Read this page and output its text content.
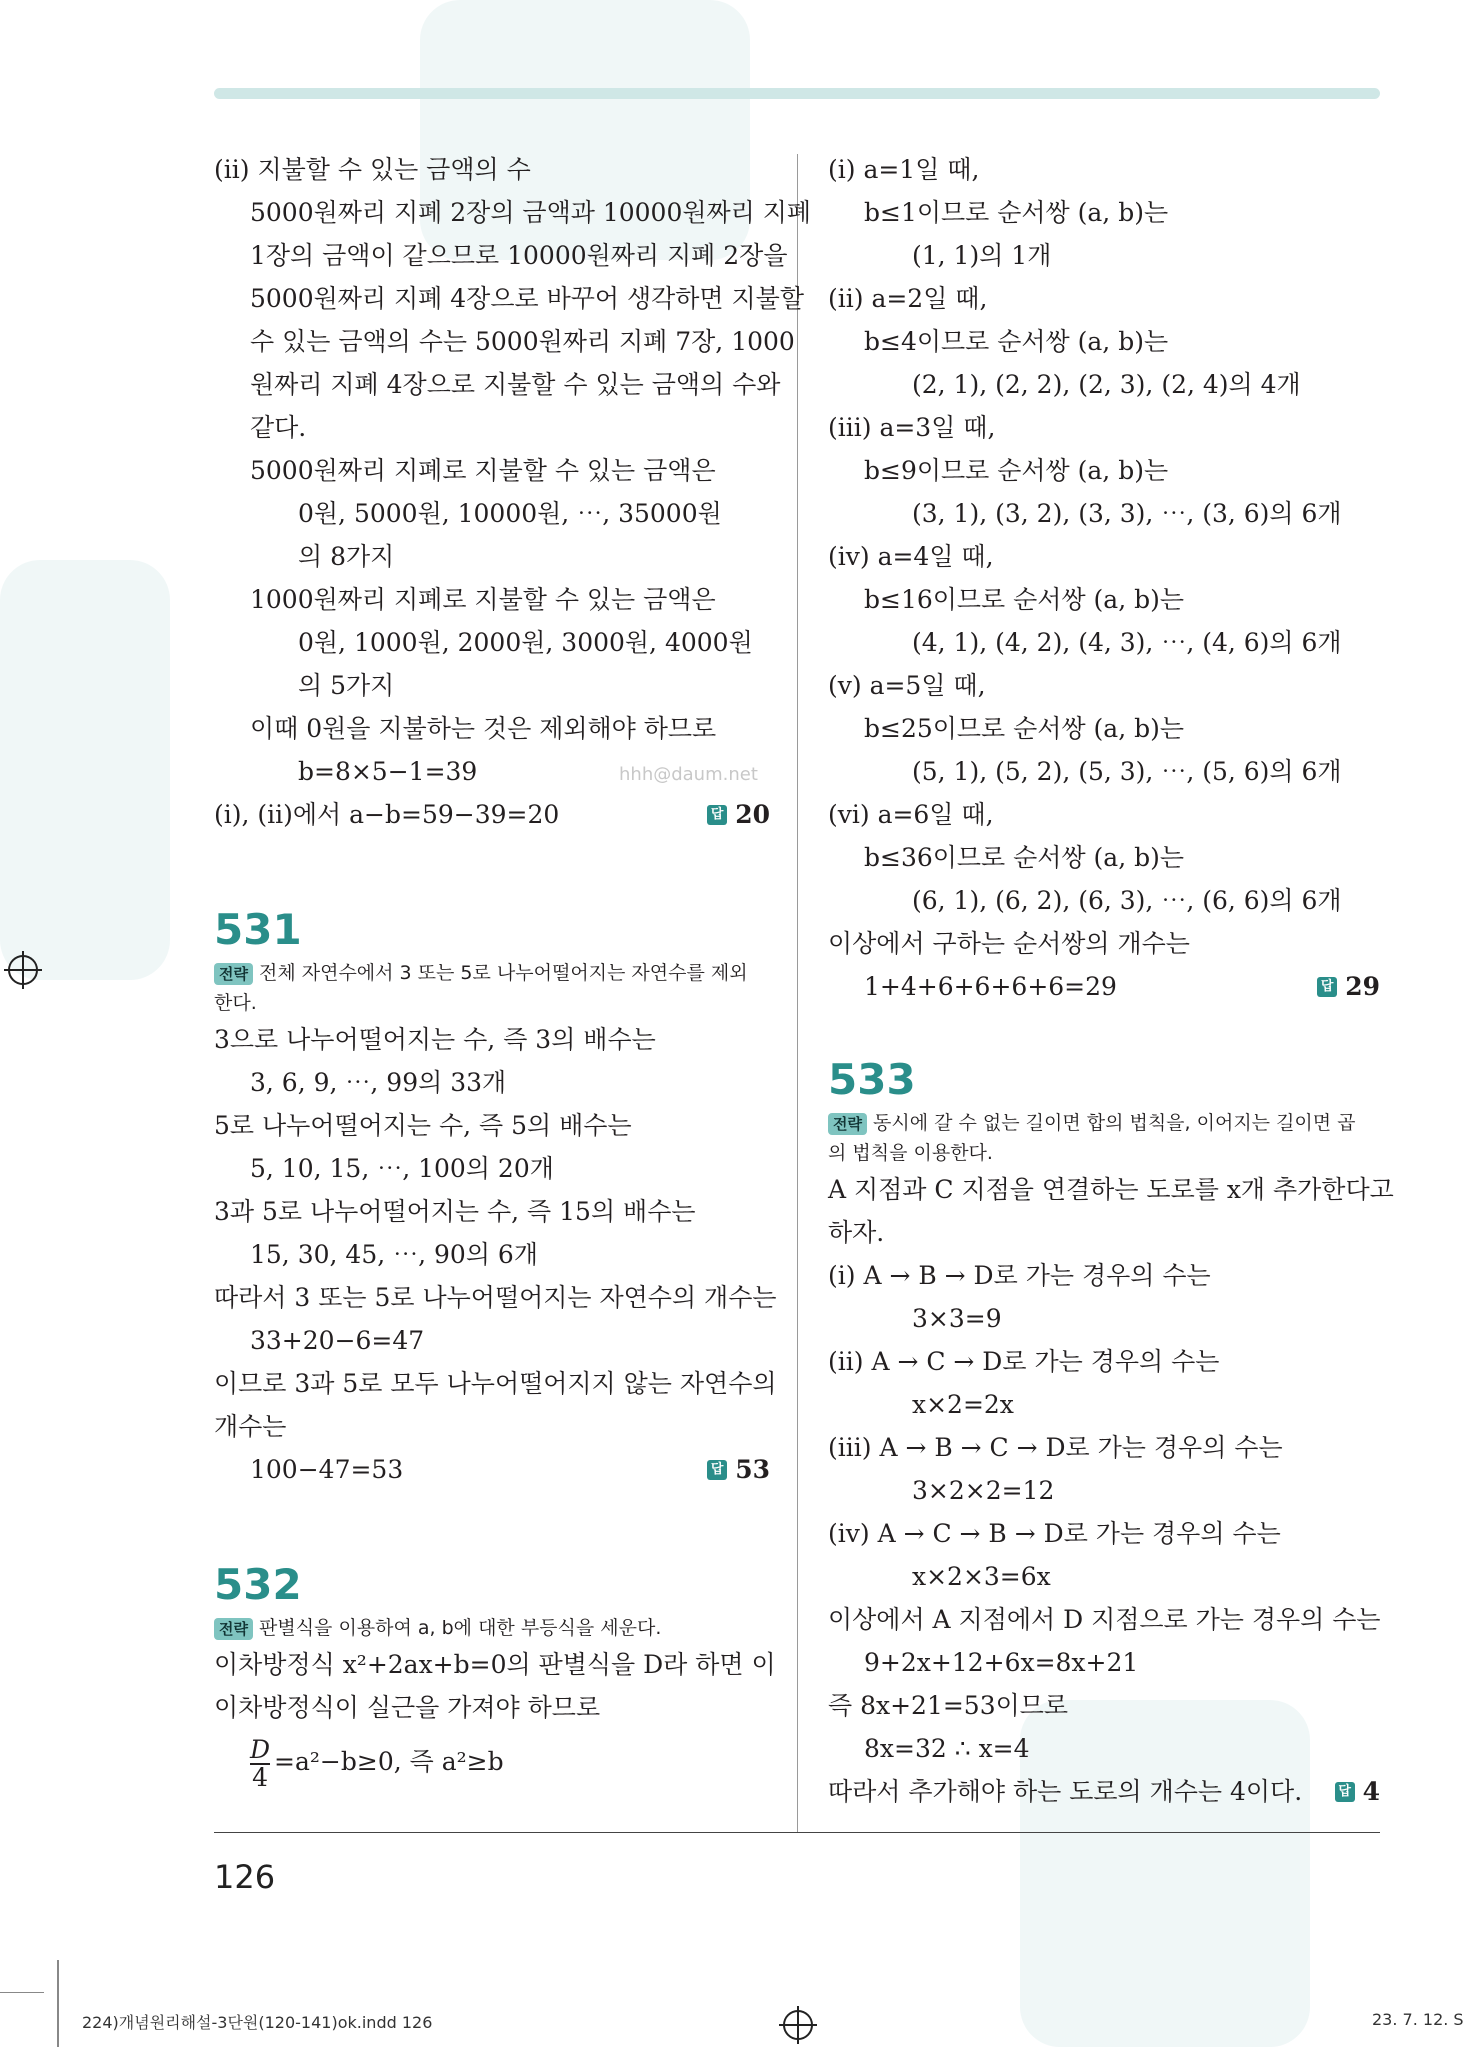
(ⅱ) 지불할 수 있는 금액의 수
5000원짜리 지폐 2장의 금액과 10000원짜리 지폐
1장의 금액이 같으므로 10000원짜리 지폐 2장을
5000원짜리 지폐 4장으로 바꾸어 생각하면 지불할
수 있는 금액의 수는 5000원짜리 지폐 7장, 1000
원짜리 지폐 4장으로 지불할 수 있는 금액의 수와
같다.
5000원짜리 지폐로 지불할 수 있는 금액은
0원, 5000원, 10000원, ⋯, 35000원
의 8가지
1000원짜리 지폐로 지불할 수 있는 금액은
0원, 1000원, 2000원, 3000원, 4000원
의 5가지
이때 0원을 지불하는 것은 제외해야 하므로
b=8×5−1=39	hhh@daum.net
(ⅰ), (ⅱ)에서 a−b=59−39=20	답 20
531
전략 전체 자연수에서 3 또는 5로 나누어떨어지는 자연수를 제외
한다.
3으로 나누어떨어지는 수, 즉 3의 배수는
3, 6, 9, ⋯, 99의 33개
5로 나누어떨어지는 수, 즉 5의 배수는
5, 10, 15, ⋯, 100의 20개
3과 5로 나누어떨어지는 수, 즉 15의 배수는
15, 30, 45, ⋯, 90의 6개
따라서 3 또는 5로 나누어떨어지는 자연수의 개수는
33+20−6=47
이므로 3과 5로 모두 나누어떨어지지 않는 자연수의
개수는
100−47=53	답 53
532
전략 판별식을 이용하여 a, b에 대한 부등식을 세운다.
이차방정식 x²+2ax+b=0의 판별식을 D라 하면 이
이차방정식이 실근을 가져야 하므로
$\frac{D}{4} =a^2-b\ge 0$, 즉 a²≥b
(ⅰ) a=1일 때,
b≤1이므로 순서쌍 (a, b)는
(1, 1)의 1개
(ⅱ) a=2일 때,
b≤4이므로 순서쌍 (a, b)는
(2, 1), (2, 2), (2, 3), (2, 4)의 4개
(ⅲ) a=3일 때,
b≤9이므로 순서쌍 (a, b)는
(3, 1), (3, 2), (3, 3), ⋯, (3, 6)의 6개
(ⅳ) a=4일 때,
b≤16이므로 순서쌍 (a, b)는
(4, 1), (4, 2), (4, 3), ⋯, (4, 6)의 6개
(ⅴ) a=5일 때,
b≤25이므로 순서쌍 (a, b)는
(5, 1), (5, 2), (5, 3), ⋯, (5, 6)의 6개
(ⅵ) a=6일 때,
b≤36이므로 순서쌍 (a, b)는
(6, 1), (6, 2), (6, 3), ⋯, (6, 6)의 6개
이상에서 구하는 순서쌍의 개수는
1+4+6+6+6+6=29	답 29
533
전략 동시에 갈 수 없는 길이면 합의 법칙을, 이어지는 길이면 곱
의 법칙을 이용한다.
A 지점과 C 지점을 연결하는 도로를 x개 추가한다고
하자.
(ⅰ) A → B → D로 가는 경우의 수는
3×3=9
(ⅱ) A → C → D로 가는 경우의 수는
x×2=2x
(ⅲ) A → B → C → D로 가는 경우의 수는
3×2×2=12
(ⅳ) A → C → B → D로 가는 경우의 수는
x×2×3=6x
이상에서 A 지점에서 D 지점으로 가는 경우의 수는
9+2x+12+6x=8x+21
즉 8x+21=53이므로
8x=32 ∴ x=4
따라서 추가해야 하는 도로의 개수는 4이다.	답 4
126
224)개념원리해설-3단원(120-141)ok.indd 126	23. 7. 12. S
